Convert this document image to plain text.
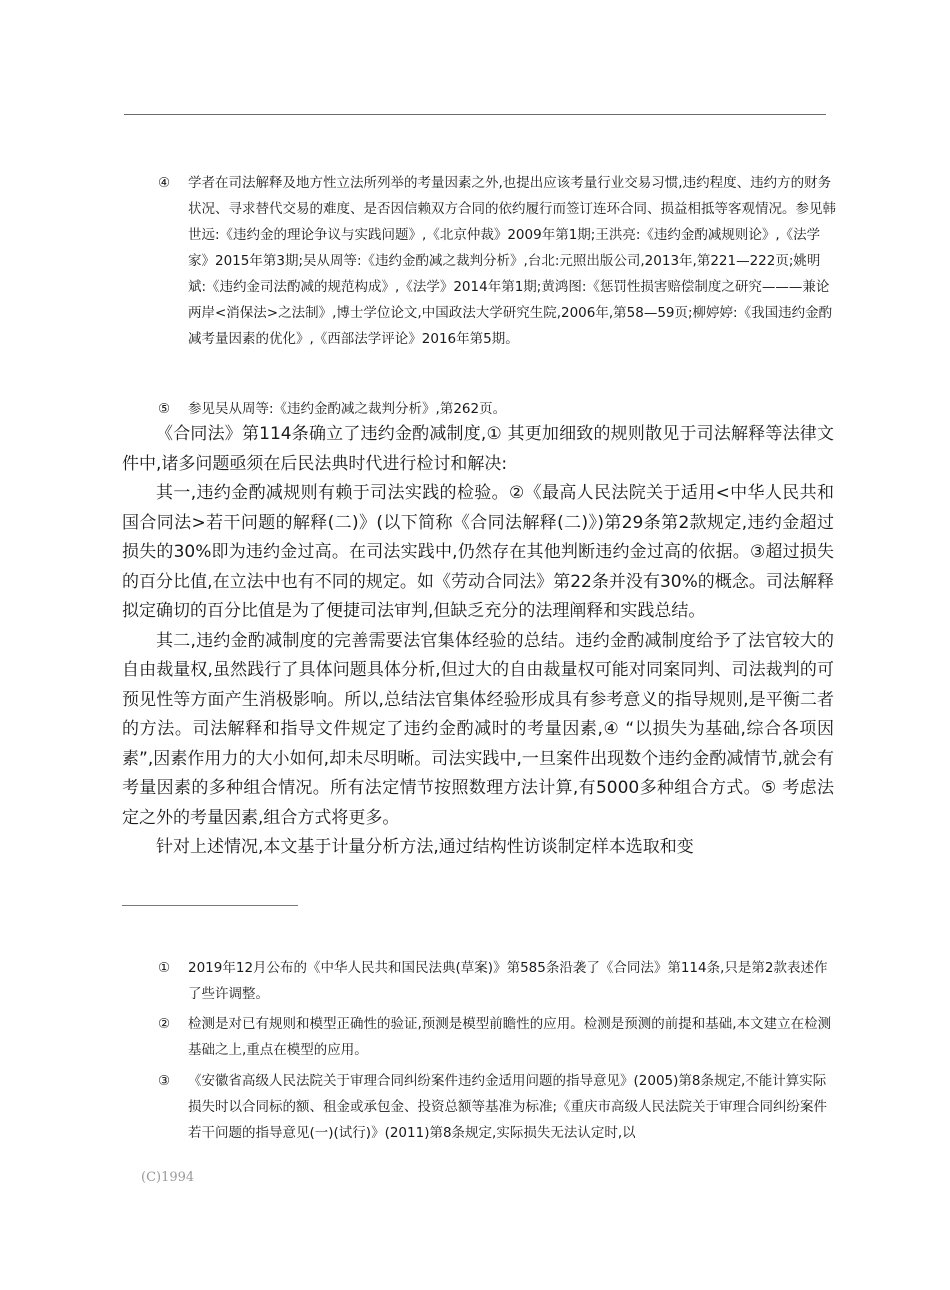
④	学者在司法解释及地方性立法所列举的考量因素之外,也提出应该考量行业交易习惯,违约程度、违约方的财务状况、寻求替代交易的难度、是否因信赖双方合同的依约履行而签订连环合同、损益相抵等客观情况。参见韩世远:《违约金的理论争议与实践问题》,《北京仲裁》2009年第1期;王洪亮:《违约金酌减规则论》,《法学家》2015年第3期;吴从周等:《违约金酌减之裁判分析》,台北:元照出版公司,2013年,第221—222页;姚明斌:《违约金司法酌减的规范构成》,《法学》2014年第1期;黄鸿图:《惩罚性损害赔偿制度之研究———兼论两岸<消保法>之法制》,博士学位论文,中国政法大学研究生院,2006年,第58—59页;柳婷婷:《我国违约金酌减考量因素的优化》,《西部法学评论》2016年第5期。
⑤	参见吴从周等:《违约金酌减之裁判分析》,第262页。

《合同法》第114条确立了违约金酌减制度,① 其更加细致的规则散见于司法解释等法律文件中,诸多问题亟须在后民法典时代进行检讨和解决:

其一,违约金酌减规则有赖于司法实践的检验。②《最高人民法院关于适用<中华人民共和国合同法>若干问题的解释(二)》(以下简称《合同法解释(二)》)第29条第2款规定,违约金超过损失的30%即为违约金过高。在司法实践中,仍然存在其他判断违约金过高的依据。③超过损失的百分比值,在立法中也有不同的规定。如《劳动合同法》第22条并没有30%的概念。司法解释拟定确切的百分比值是为了便捷司法审判,但缺乏充分的法理阐释和实践总结。

其二,违约金酌减制度的完善需要法官集体经验的总结。违约金酌减制度给予了法官较大的自由裁量权,虽然践行了具体问题具体分析,但过大的自由裁量权可能对同案同判、司法裁判的可预见性等方面产生消极影响。所以,总结法官集体经验形成具有参考意义的指导规则,是平衡二者的方法。司法解释和指导文件规定了违约金酌减时的考量因素,④ “以损失为基础,综合各项因素”,因素作用力的大小如何,却未尽明晰。司法实践中,一旦案件出现数个违约金酌减情节,就会有考量因素的多种组合情况。所有法定情节按照数理方法计算,有5000多种组合方式。⑤ 考虑法定之外的考量因素,组合方式将更多。

针对上述情况,本文基于计量分析方法,通过结构性访谈制定样本选取和变

①	2019年12月公布的《中华人民共和国民法典(草案)》第585条沿袭了《合同法》第114条,只是第2款表述作了些许调整。
②	检测是对已有规则和模型正确性的验证,预测是模型前瞻性的应用。检测是预测的前提和基础,本文建立在检测基础之上,重点在模型的应用。
③	《安徽省高级人民法院关于审理合同纠纷案件违约金适用问题的指导意见》(2005)第8条规定,不能计算实际损失时以合同标的额、租金或承包金、投资总额等基准为标准;《重庆市高级人民法院关于审理合同纠纷案件若干问题的指导意见(一)(试行)》(2011)第8条规定,实际损失无法认定时,以
(C)1994
